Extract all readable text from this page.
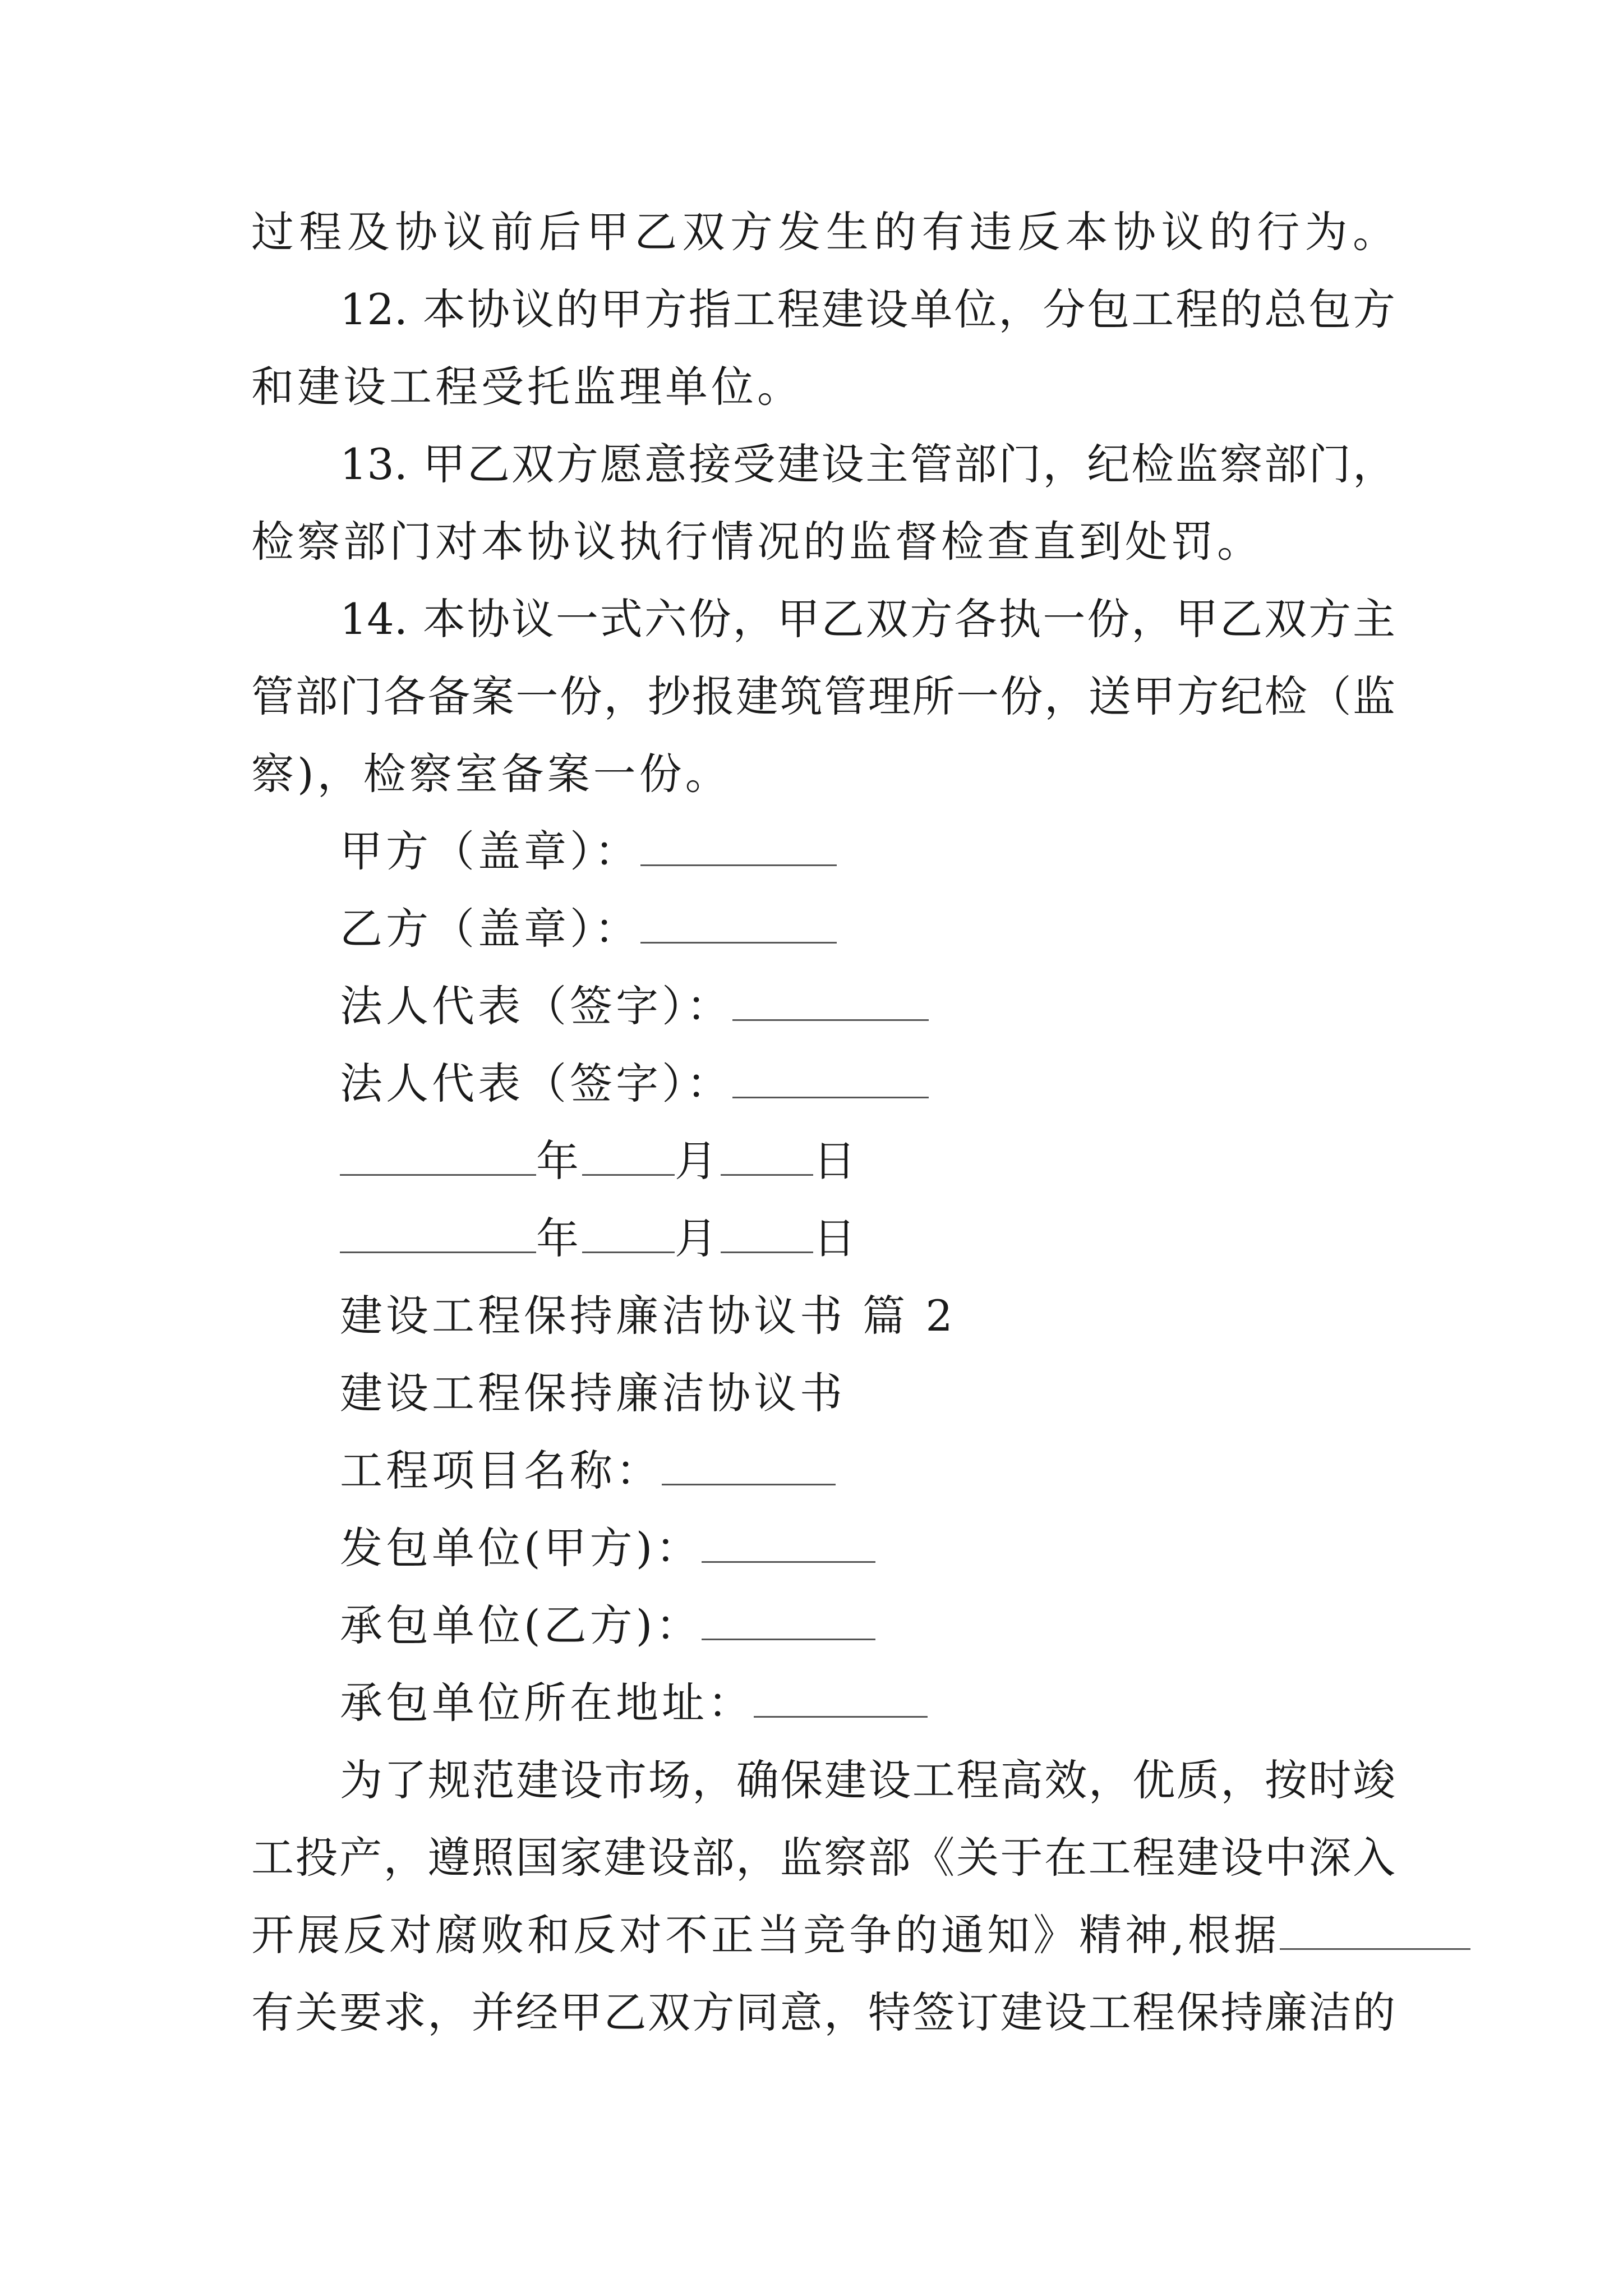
过程及协议前后甲乙双方发生的有违反本协议的行为。
12. 本协议的甲方指工程建设单位，分包工程的总包方
和建设工程受托监理单位。
13. 甲乙双方愿意接受建设主管部门，纪检监察部门，
检察部门对本协议执行情况的监督检查直到处罚。
14. 本协议一式六份，甲乙双方各执一份，甲乙双方主
管部门各备案一份，抄报建筑管理所一份，送甲方纪检（监
察)，检察室备案一份。
甲方（盖章）：
乙方（盖章）：
法人代表（签字）：
法人代表（签字）：
年 月 日
年 月 日
建设工程保持廉洁协议书 篇 2
建设工程保持廉洁协议书
工程项目名称：
发包单位(甲方)：
承包单位(乙方)：
承包单位所在地址：
为了规范建设市场，确保建设工程高效，优质，按时竣
工投产，遵照国家建设部，监察部《关于在工程建设中深入
开展反对腐败和反对不正当竞争的通知》精神,根据
有关要求，并经甲乙双方同意，特签订建设工程保持廉洁的
